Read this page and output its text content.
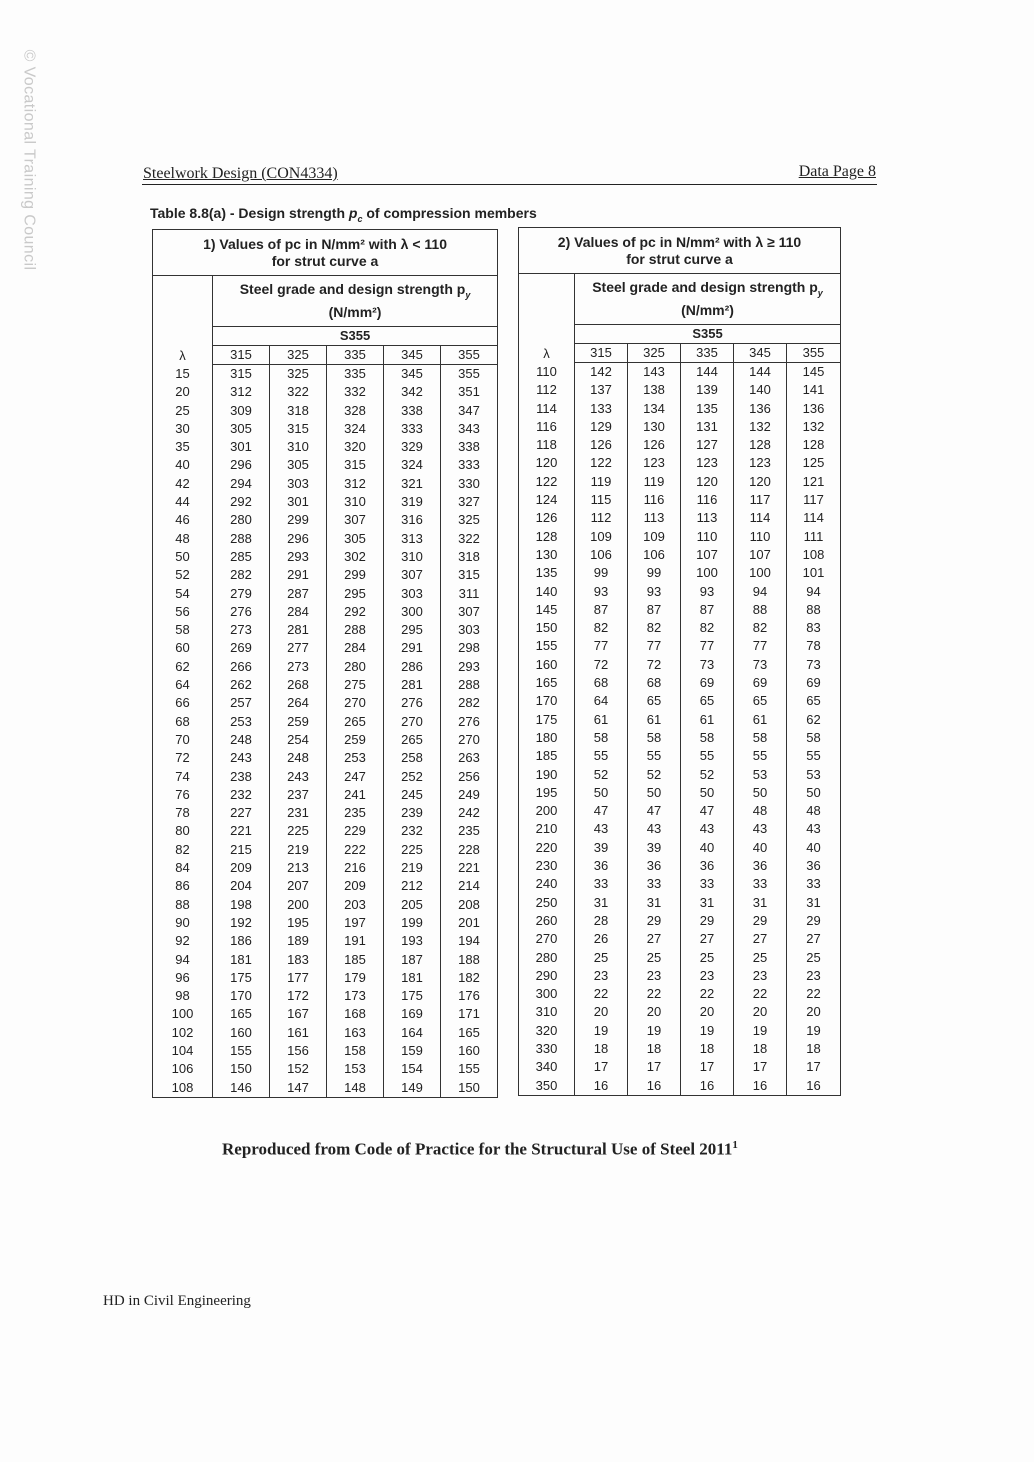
© Vocational Training Council	Steelwork Design (CON4334)	Data Page 8
Table 8.8(a) - Design strength $p_c$ of compression members
1) Values of pc in N/mm² with λ < 110
for strut curve a					

	Steel grade and design strength $p_y$
(N/mm²)				

	S355				
λ	315	325	335	345	355
15	315	325	335	345	355
20	312	322	332	342	351
25	309	318	328	338	347
30	305	315	324	333	343
35	301	310	320	329	338
40	296	305	315	324	333
42	294	303	312	321	330
44	292	301	310	319	327
46	280	299	307	316	325
48	288	296	305	313	322
50	285	293	302	310	318
52	282	291	299	307	315
54	279	287	295	303	311
56	276	284	292	300	307
58	273	281	288	295	303
60	269	277	284	291	298
62	266	273	280	286	293
64	262	268	275	281	288
66	257	264	270	276	282
68	253	259	265	270	276
70	248	254	259	265	270
72	243	248	253	258	263
74	238	243	247	252	256
76	232	237	241	245	249
78	227	231	235	239	242
80	221	225	229	232	235
82	215	219	222	225	228
84	209	213	216	219	221
86	204	207	209	212	214
88	198	200	203	205	208
90	192	195	197	199	201
92	186	189	191	193	194
94	181	183	185	187	188
96	175	177	179	181	182
98	170	172	173	175	176
100	165	167	168	169	171
102	160	161	163	164	165
104	155	156	158	159	160
106	150	152	153	154	155
108	146	147	148	149	150
2) Values of pc in N/mm² with λ ≥ 110
for strut curve a					

	Steel grade and design strength $p_y$
(N/mm²)				

	S355				
λ	315	325	335	345	355
110	142	143	144	144	145
112	137	138	139	140	141
114	133	134	135	136	136
116	129	130	131	132	132
118	126	126	127	128	128
120	122	123	123	123	125
122	119	119	120	120	121
124	115	116	116	117	117
126	112	113	113	114	114
128	109	109	110	110	111
130	106	106	107	107	108
135	99	99	100	100	101
140	93	93	93	94	94
145	87	87	87	88	88
150	82	82	82	82	83
155	77	77	77	77	78
160	72	72	73	73	73
165	68	68	69	69	69
170	64	65	65	65	65
175	61	61	61	61	62
180	58	58	58	58	58
185	55	55	55	55	55
190	52	52	52	53	53
195	50	50	50	50	50
200	47	47	47	48	48
210	43	43	43	43	43
220	39	39	40	40	40
230	36	36	36	36	36
240	33	33	33	33	33
250	31	31	31	31	31
260	28	29	29	29	29
270	26	27	27	27	27
280	25	25	25	25	25
290	23	23	23	23	23
300	22	22	22	22	22
310	20	20	20	20	20
320	19	19	19	19	19
330	18	18	18	18	18
340	17	17	17	17	17
350	16	16	16	16	16
Reproduced from Code of Practice for the Structural Use of Steel 2011$^1$
HD in Civil Engineering
